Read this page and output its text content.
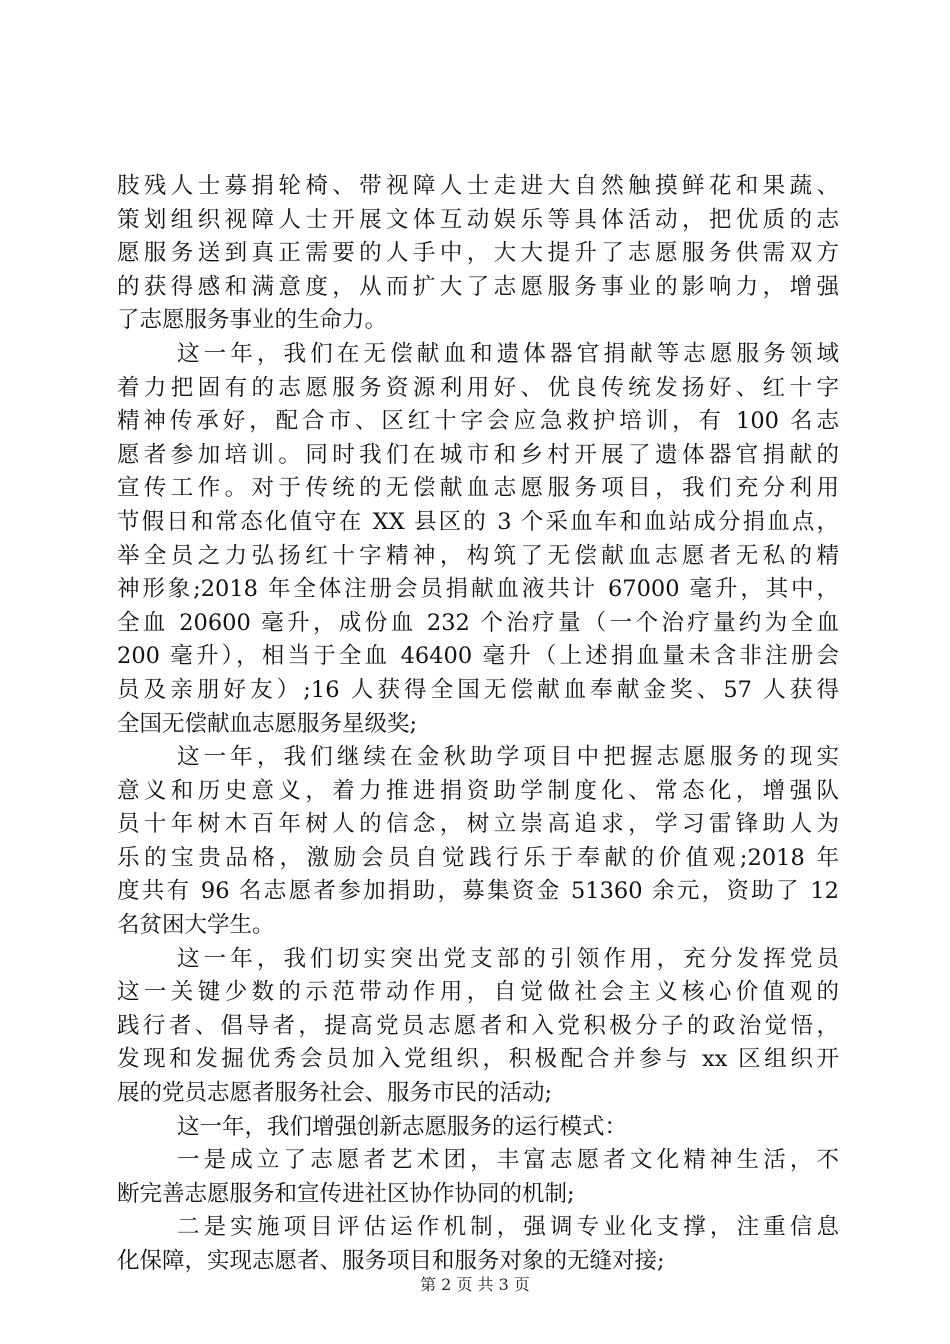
肢残人士募捐轮椅、带视障人士走进大自然触摸鲜花和果蔬、
策划组织视障人士开展文体互动娱乐等具体活动，把优质的志
愿服务送到真正需要的人手中，大大提升了志愿服务供需双方
的获得感和满意度，从而扩大了志愿服务事业的影响力，增强
了志愿服务事业的生命力。
这一年，我们在无偿献血和遗体器官捐献等志愿服务领域
着力把固有的志愿服务资源利用好、优良传统发扬好、红十字
精神传承好，配合市、区红十字会应急救护培训，有 100 名志
愿者参加培训。同时我们在城市和乡村开展了遗体器官捐献的
宣传工作。对于传统的无偿献血志愿服务项目，我们充分利用
节假日和常态化值守在 XX 县区的 3 个采血车和血站成分捐血点，
举全员之力弘扬红十字精神，构筑了无偿献血志愿者无私的精
神形象;2018 年全体注册会员捐献血液共计 67000 毫升，其中，
全血 20600 毫升，成份血 232 个治疗量（一个治疗量约为全血
200 毫升），相当于全血 46400 毫升（上述捐血量未含非注册会
员及亲朋好友）;16 人获得全国无偿献血奉献金奖、57 人获得
全国无偿献血志愿服务星级奖;
这一年，我们继续在金秋助学项目中把握志愿服务的现实
意义和历史意义，着力推进捐资助学制度化、常态化，增强队
员十年树木百年树人的信念，树立崇高追求，学习雷锋助人为
乐的宝贵品格，激励会员自觉践行乐于奉献的价值观;2018 年
度共有 96 名志愿者参加捐助，募集资金 51360 余元，资助了 12
名贫困大学生。
这一年，我们切实突出党支部的引领作用，充分发挥党员
这一关键少数的示范带动作用，自觉做社会主义核心价值观的
践行者、倡导者，提高党员志愿者和入党积极分子的政治觉悟，
发现和发掘优秀会员加入党组织，积极配合并参与 xx 区组织开
展的党员志愿者服务社会、服务市民的活动;
这一年，我们增强创新志愿服务的运行模式：
一是成立了志愿者艺术团，丰富志愿者文化精神生活，不
断完善志愿服务和宣传进社区协作协同的机制;
二是实施项目评估运作机制，强调专业化支撑，注重信息
化保障，实现志愿者、服务项目和服务对象的无缝对接;
第 2 页 共 3 页
